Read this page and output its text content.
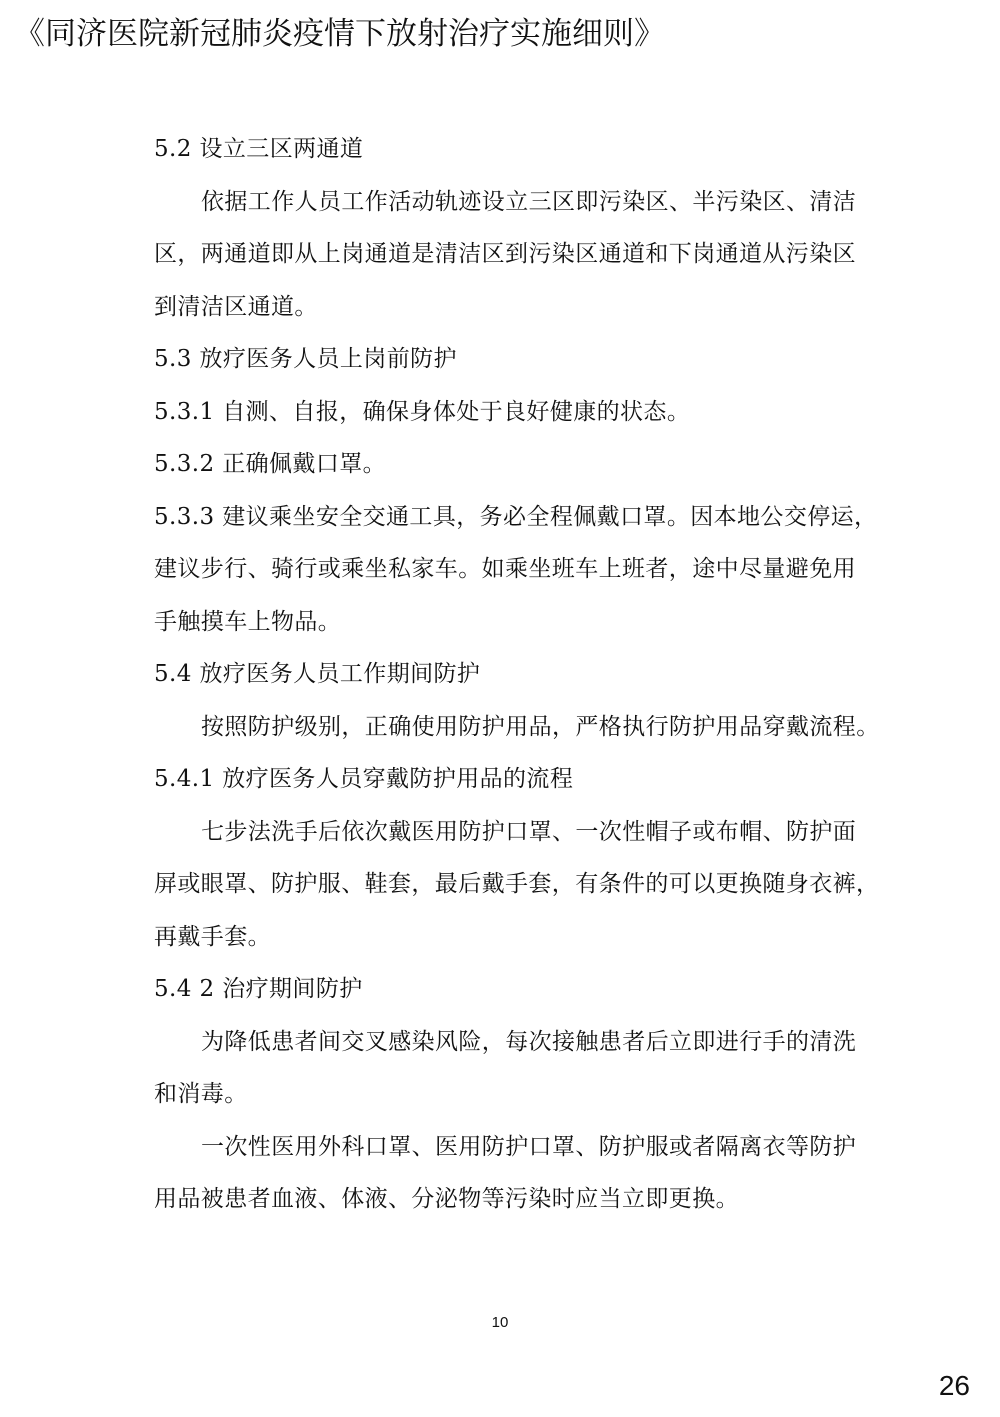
《同济医院新冠肺炎疫情下放射治疗实施细则》
5.2 设立三区两通道
依据工作人员工作活动轨迹设立三区即污染区、半污染区、清洁
区，两通道即从上岗通道是清洁区到污染区通道和下岗通道从污染区
到清洁区通道。
5.3 放疗医务人员上岗前防护
5.3.1 自测、自报，确保身体处于良好健康的状态。
5.3.2 正确佩戴口罩。
5.3.3 建议乘坐安全交通工具，务必全程佩戴口罩。因本地公交停运，
建议步行、骑行或乘坐私家车。如乘坐班车上班者，途中尽量避免用
手触摸车上物品。
5.4 放疗医务人员工作期间防护
按照防护级别，正确使用防护用品，严格执行防护用品穿戴流程。
5.4.1 放疗医务人员穿戴防护用品的流程
七步法洗手后依次戴医用防护口罩、一次性帽子或布帽、防护面
屏或眼罩、防护服、鞋套，最后戴手套，有条件的可以更换随身衣裤，
再戴手套。
5.4 2 治疗期间防护
为降低患者间交叉感染风险，每次接触患者后立即进行手的清洗
和消毒。
一次性医用外科口罩、医用防护口罩、防护服或者隔离衣等防护
用品被患者血液、体液、分泌物等污染时应当立即更换。
10
26
